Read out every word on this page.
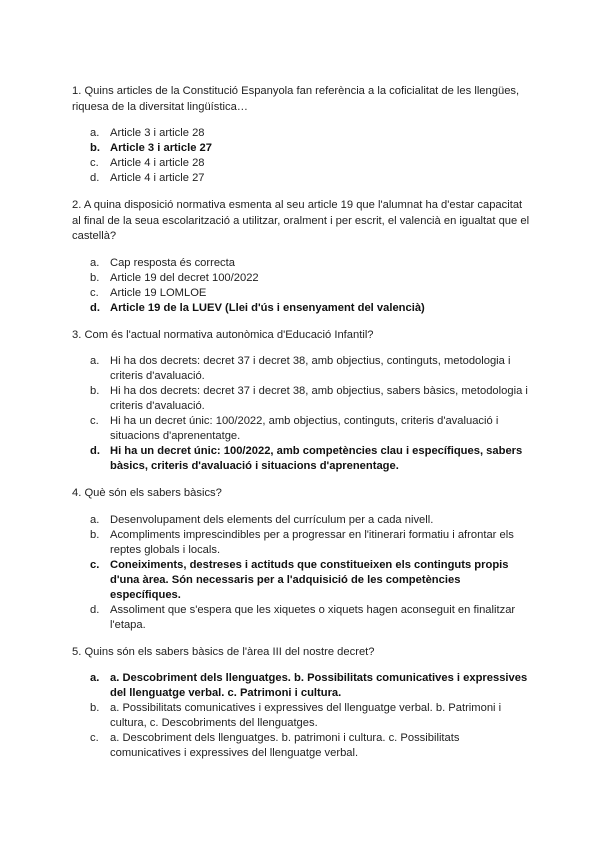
1. Quins articles de la Constitució Espanyola fan referència a la coficialitat de les llengües, riquesa de la diversitat lingüística…

a. Article 3 i article 28
b. Article 3 i article 27
c.	Article 4 i article 28
d. Article 4 i article 27

2. A quina disposició normativa esmenta al seu article 19 que l'alumnat ha d'estar capacitat al final de la seua escolarització a utilitzar, oralment i per escrit, el valencià en igualtat que el castellà?

a. Cap resposta és correcta
b. Article 19 del decret 100/2022
c.	Article 19 LOMLOE
d. Article 19 de la LUEV (Llei d'ús i ensenyament del valencià)

3. Com és l'actual normativa autonòmica d'Educació Infantil?

a. Hi ha dos decrets: decret 37 i decret 38, amb objectius, continguts, metodologia i criteris d'avaluació.
b. Hi ha dos decrets: decret 37 i decret 38, amb objectius, sabers bàsics, metodologia i criteris d'avaluació.
c.	Hi ha un decret únic: 100/2022, amb objectius, continguts, criteris d'avaluació i situacions d'aprenentatge.
d. Hi ha un decret únic: 100/2022, amb competències clau i específiques, sabers bàsics, criteris d'avaluació i situacions d'aprenentage.

4. Què són els sabers bàsics?

a. Desenvolupament dels elements del currículum per a cada nivell.
b. Acompliments imprescindibles per a progressar en l'itinerari formatiu i afrontar els reptes globals i locals.
c. Coneiximents, destreses i actituds que constitueixen els continguts propis d'una àrea. Són necessaris per a l'adquisició de les competències específiques.
d. Assoliment que s'espera que les xiquetes o xiquets hagen aconseguit en finalitzar l'etapa.

5. Quins són els sabers bàsics de l'àrea III del nostre decret?

a. a. Descobriment dels llenguatges. b. Possibilitats comunicatives i expressives del llenguatge verbal. c. Patrimoni i cultura.
b. a. Possibilitats comunicatives i expressives del llenguatge verbal. b. Patrimoni i cultura, c. Descobriments del llenguatges.
c.	a. Descobriment dels llenguatges. b. patrimoni i cultura. c. Possibilitats comunicatives i expressives del llenguatge verbal.
